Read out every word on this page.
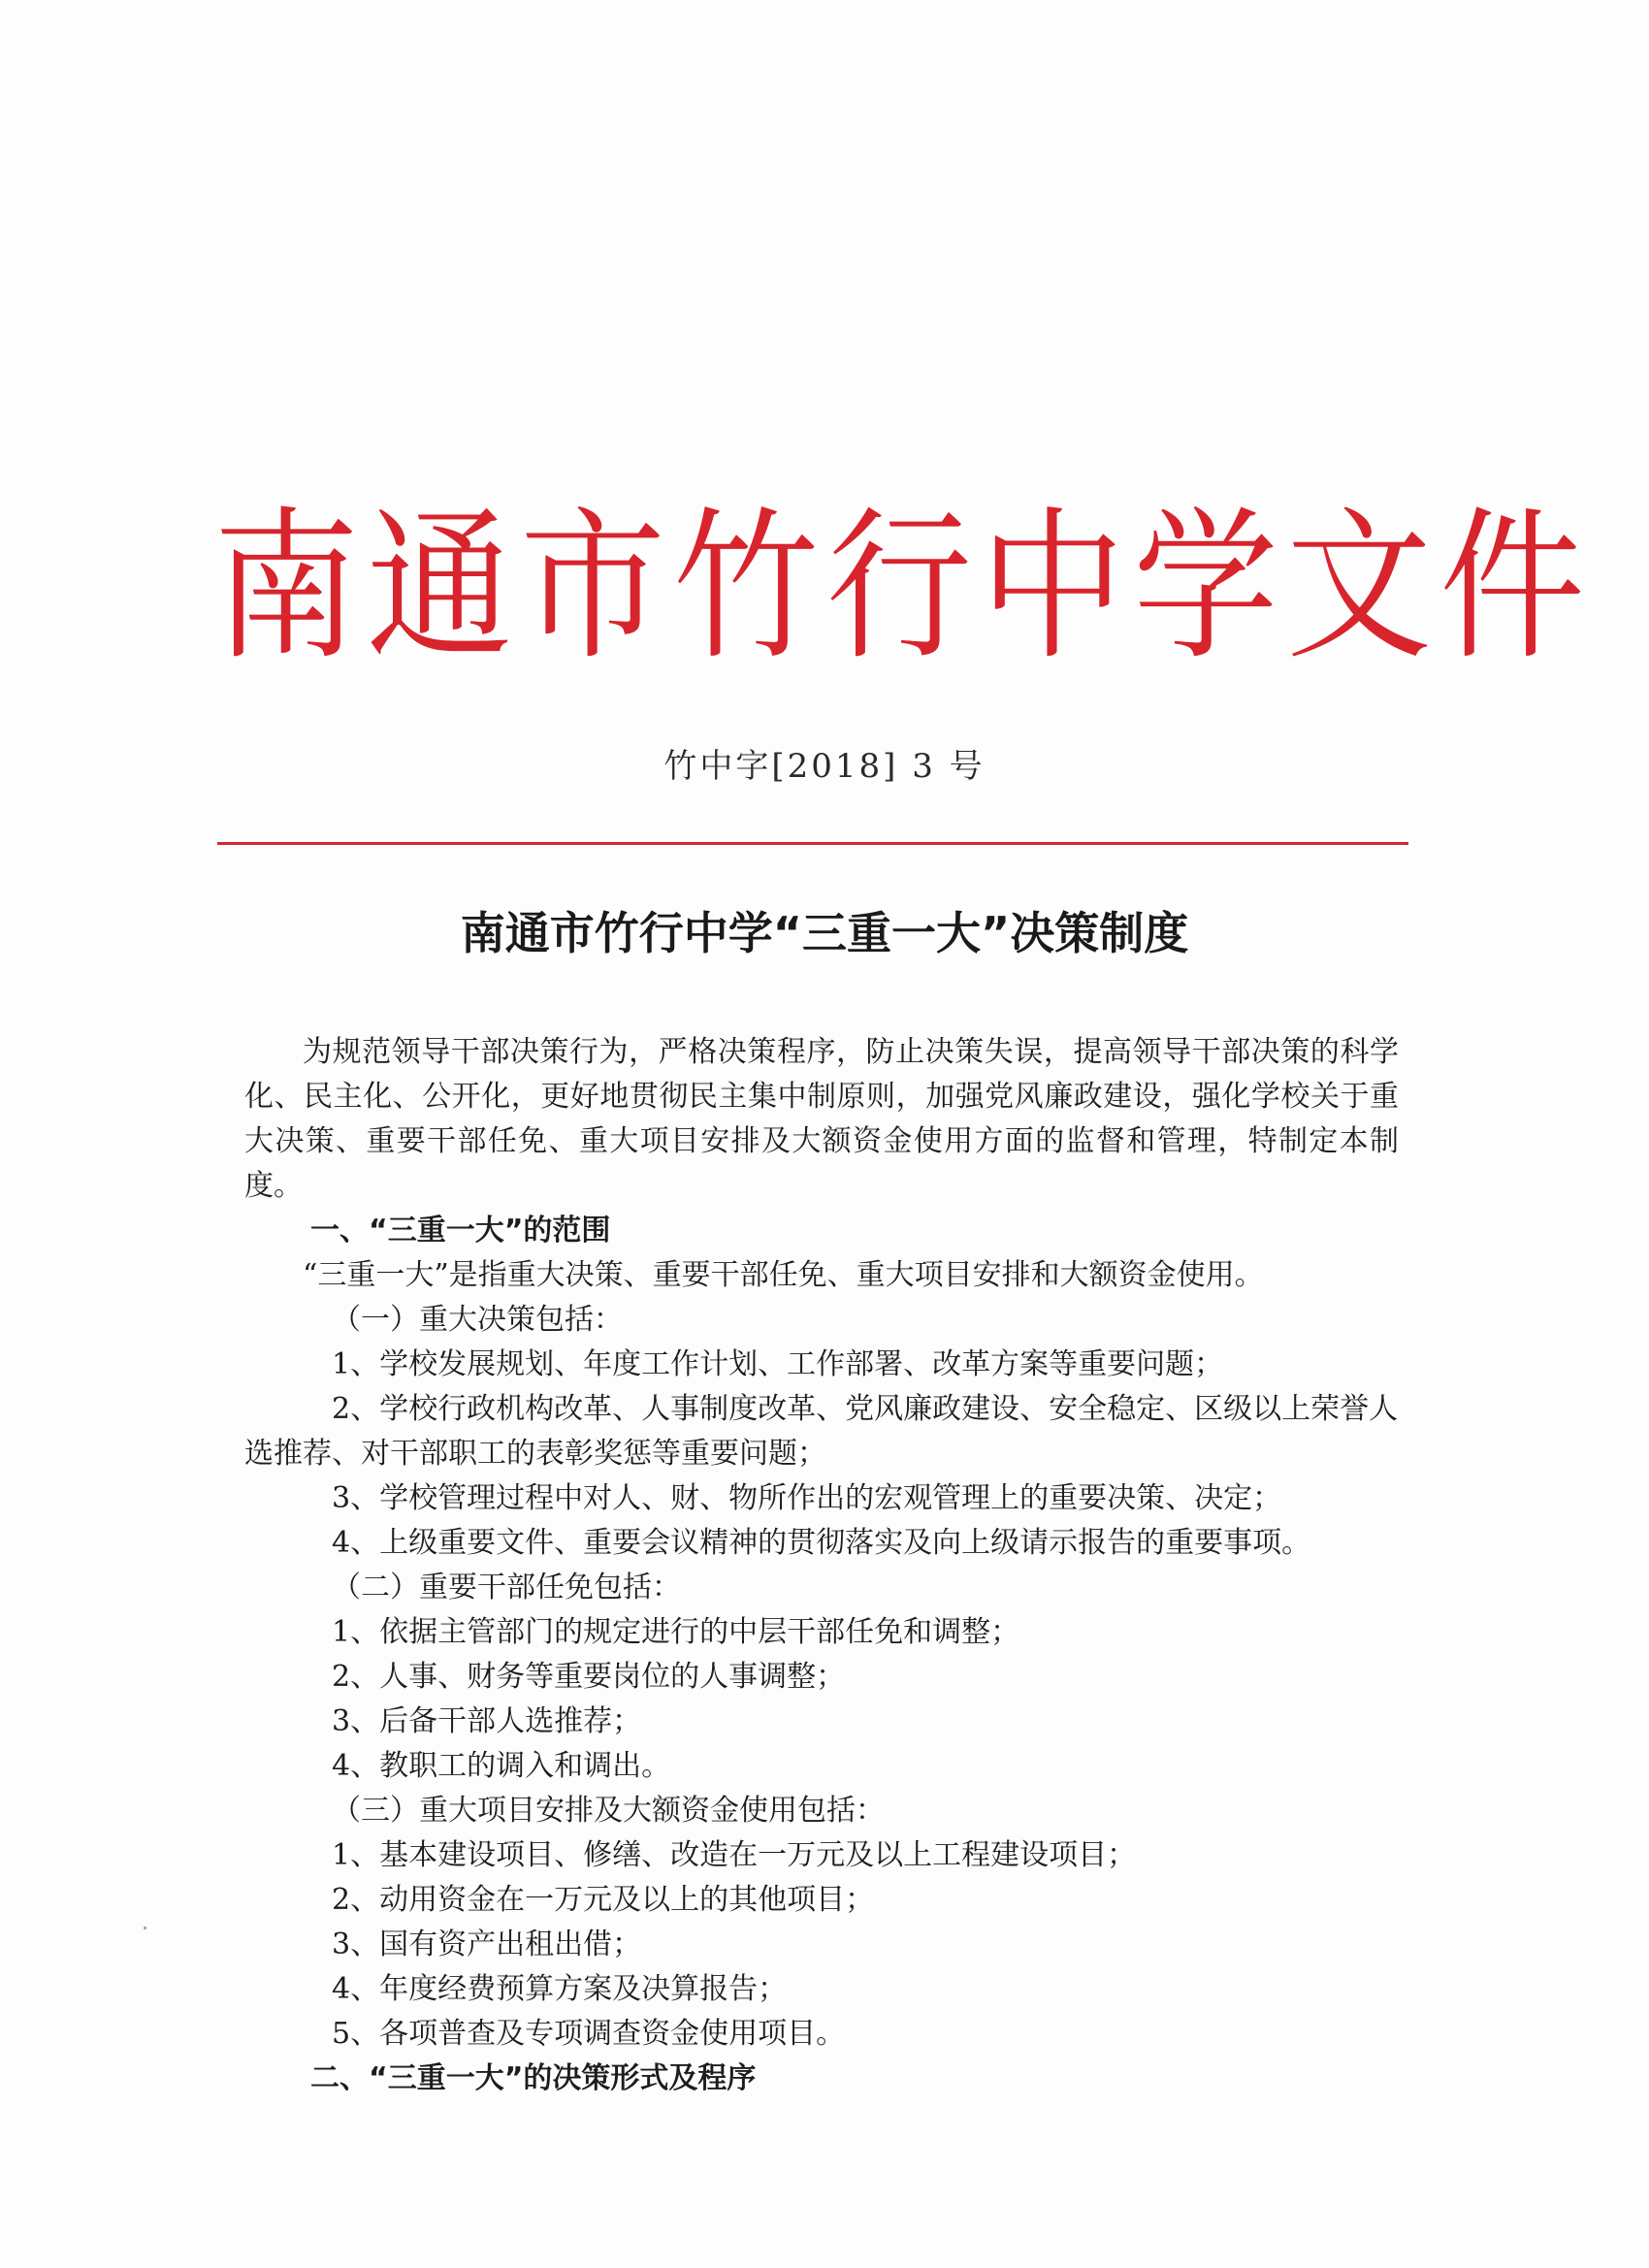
南通市竹行中学文件
竹中字[2018] 3 号
南通市竹行中学“三重一大”决策制度

为规范领导干部决策行为，严格决策程序，防止决策失误，提高领导干部决策的科学化、民主化、公开化，更好地贯彻民主集中制原则，加强党风廉政建设，强化学校关于重大决策、重要干部任免、重大项目安排及大额资金使用方面的监督和管理，特制定本制度。

一、“三重一大”的范围

“三重一大”是指重大决策、重要干部任免、重大项目安排和大额资金使用。

（一）重大决策包括：

1、学校发展规划、年度工作计划、工作部署、改革方案等重要问题；

2、学校行政机构改革、人事制度改革、党风廉政建设、安全稳定、区级以上荣誉人选推荐、对干部职工的表彰奖惩等重要问题；

3、学校管理过程中对人、财、物所作出的宏观管理上的重要决策、决定；

4、上级重要文件、重要会议精神的贯彻落实及向上级请示报告的重要事项。

（二）重要干部任免包括：

1、依据主管部门的规定进行的中层干部任免和调整；

2、人事、财务等重要岗位的人事调整；

3、后备干部人选推荐；

4、教职工的调入和调出。

（三）重大项目安排及大额资金使用包括：

1、基本建设项目、修缮、改造在一万元及以上工程建设项目；

2、动用资金在一万元及以上的其他项目；

3、国有资产出租出借；

4、年度经费预算方案及决算报告；

5、各项普查及专项调查资金使用项目。

二、“三重一大”的决策形式及程序
